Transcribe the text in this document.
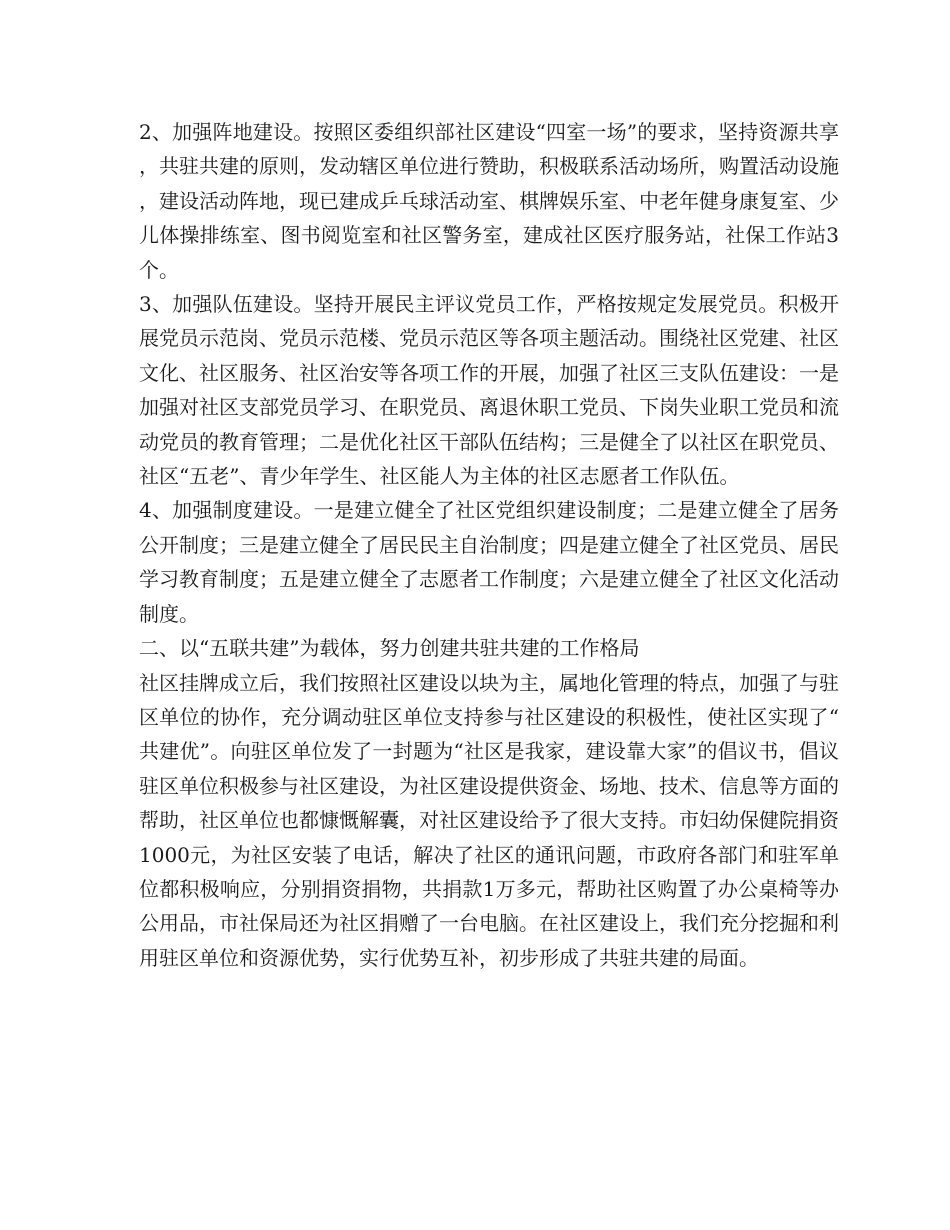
2、加强阵地建设。按照区委组织部社区建设“四室一场”的要求，坚持资源共享，共驻共建的原则，发动辖区单位进行赞助，积极联系活动场所，购置活动设施，建设活动阵地，现已建成乒乓球活动室、棋牌娱乐室、中老年健身康复室、少儿体操排练室、图书阅览室和社区警务室，建成社区医疗服务站，社保工作站3个。

3、加强队伍建设。坚持开展民主评议党员工作，严格按规定发展党员。积极开展党员示范岗、党员示范楼、党员示范区等各项主题活动。围绕社区党建、社区文化、社区服务、社区治安等各项工作的开展，加强了社区三支队伍建设：一是加强对社区支部党员学习、在职党员、离退休职工党员、下岗失业职工党员和流动党员的教育管理；二是优化社区干部队伍结构；三是健全了以社区在职党员、社区“五老”、青少年学生、社区能人为主体的社区志愿者工作队伍。

4、加强制度建设。一是建立健全了社区党组织建设制度；二是建立健全了居务公开制度；三是建立健全了居民民主自治制度；四是建立健全了社区党员、居民学习教育制度；五是建立健全了志愿者工作制度；六是建立健全了社区文化活动制度。

二、以“五联共建”为载体，努力创建共驻共建的工作格局

社区挂牌成立后，我们按照社区建设以块为主，属地化管理的特点，加强了与驻区单位的协作，充分调动驻区单位支持参与社区建设的积极性，使社区实现了“共建优”。向驻区单位发了一封题为“社区是我家，建设靠大家”的倡议书，倡议驻区单位积极参与社区建设，为社区建设提供资金、场地、技术、信息等方面的帮助，社区单位也都慷慨解囊，对社区建设给予了很大支持。市妇幼保健院捐资1000元，为社区安装了电话，解决了社区的通讯问题，市政府各部门和驻军单位都积极响应，分别捐资捐物，共捐款1万多元，帮助社区购置了办公桌椅等办公用品，市社保局还为社区捐赠了一台电脑。在社区建设上，我们充分挖掘和利用驻区单位和资源优势，实行优势互补，初步形成了共驻共建的局面。
